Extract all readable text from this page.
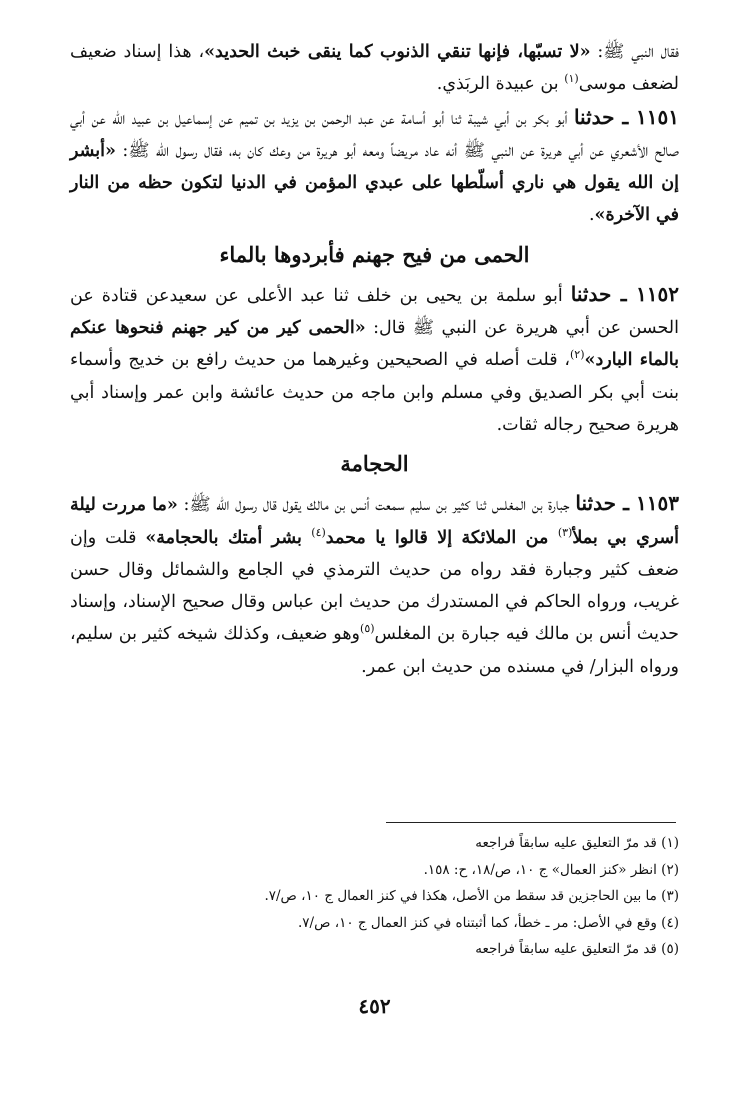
فقال النبي ﷺ: «لا تسبّها، فإنها تنقي الذنوب كما ينقى خبث الحديد»، هذا إسناد ضعيف لضعف موسى$^{(١)}$ بن عبيدة الربَذي.

١١٥١ ـ حدثنا أبو بكر بن أبي شيبة ثنا أبو أسامة عن عبد الرحمن بن يزيد بن تميم عن إسماعيل بن عبيد الله عن أبي صالح الأشعري عن أبي هريرة عن النبي ﷺ أنه عاد مريضاً ومعه أبو هريرة من وعك كان به، فقال رسول الله ﷺ: «أبشر إن الله يقول هي ناري أسلّطها على عبدي المؤمن في الدنيا لتكون حظه من النار في الآخرة».

الحمى من فيح جهنم فأبردوها بالماء

١١٥٢ ـ حدثنا أبو سلمة بن يحيى بن خلف ثنا عبد الأعلى عن سعيدعن قتادة عن الحسن عن أبي هريرة عن النبي ﷺ قال: «الحمى كير من كير جهنم فنحوها عنكم بالماء البارد»$^{(٢)}$، قلت أصله في الصحيحين وغيرهما من حديث رافع بن خديج وأسماء بنت أبي بكر الصديق وفي مسلم وابن ماجه من حديث عائشة وابن عمر وإسناد أبي هريرة صحيح رجاله ثقات.

الحجامة

١١٥٣ ـ حدثنا جبارة بن المغلس ثنا كثير بن سليم سمعت أنس بن مالك يقول قال رسول الله ﷺ: «ما مررت ليلة أسري بي بملأ$^{(٣)}$ من الملائكة إلا قالوا يا محمد$^{(٤)}$ بشر أمتك بالحجامة» قلت وإن ضعف كثير وجبارة فقد رواه من حديث الترمذي في الجامع والشمائل وقال حسن غريب، ورواه الحاكم في المستدرك من حديث ابن عباس وقال صحيح الإسناد، وإسناد حديث أنس بن مالك فيه جبارة بن المغلس$^{(٥)}$وهو ضعيف، وكذلك شيخه كثير بن سليم، ورواه البزار/ في مسنده من حديث ابن عمر.

(١) قد مرّ التعليق عليه سابقاً فراجعه
(٢) انظر «كنز العمال» ج ١٠، ص/١٨، ح: ١٥٨.
(٣) ما بين الحاجزين قد سقط من الأصل، هكذا في كنز العمال ج ١٠، ص/٧.
(٤) وقع في الأصل: مر ـ خطأ، كما أثبتناه في كنز العمال ج ١٠، ص/٧.
(٥) قد مرّ التعليق عليه سابقاً فراجعه
٤٥٢
